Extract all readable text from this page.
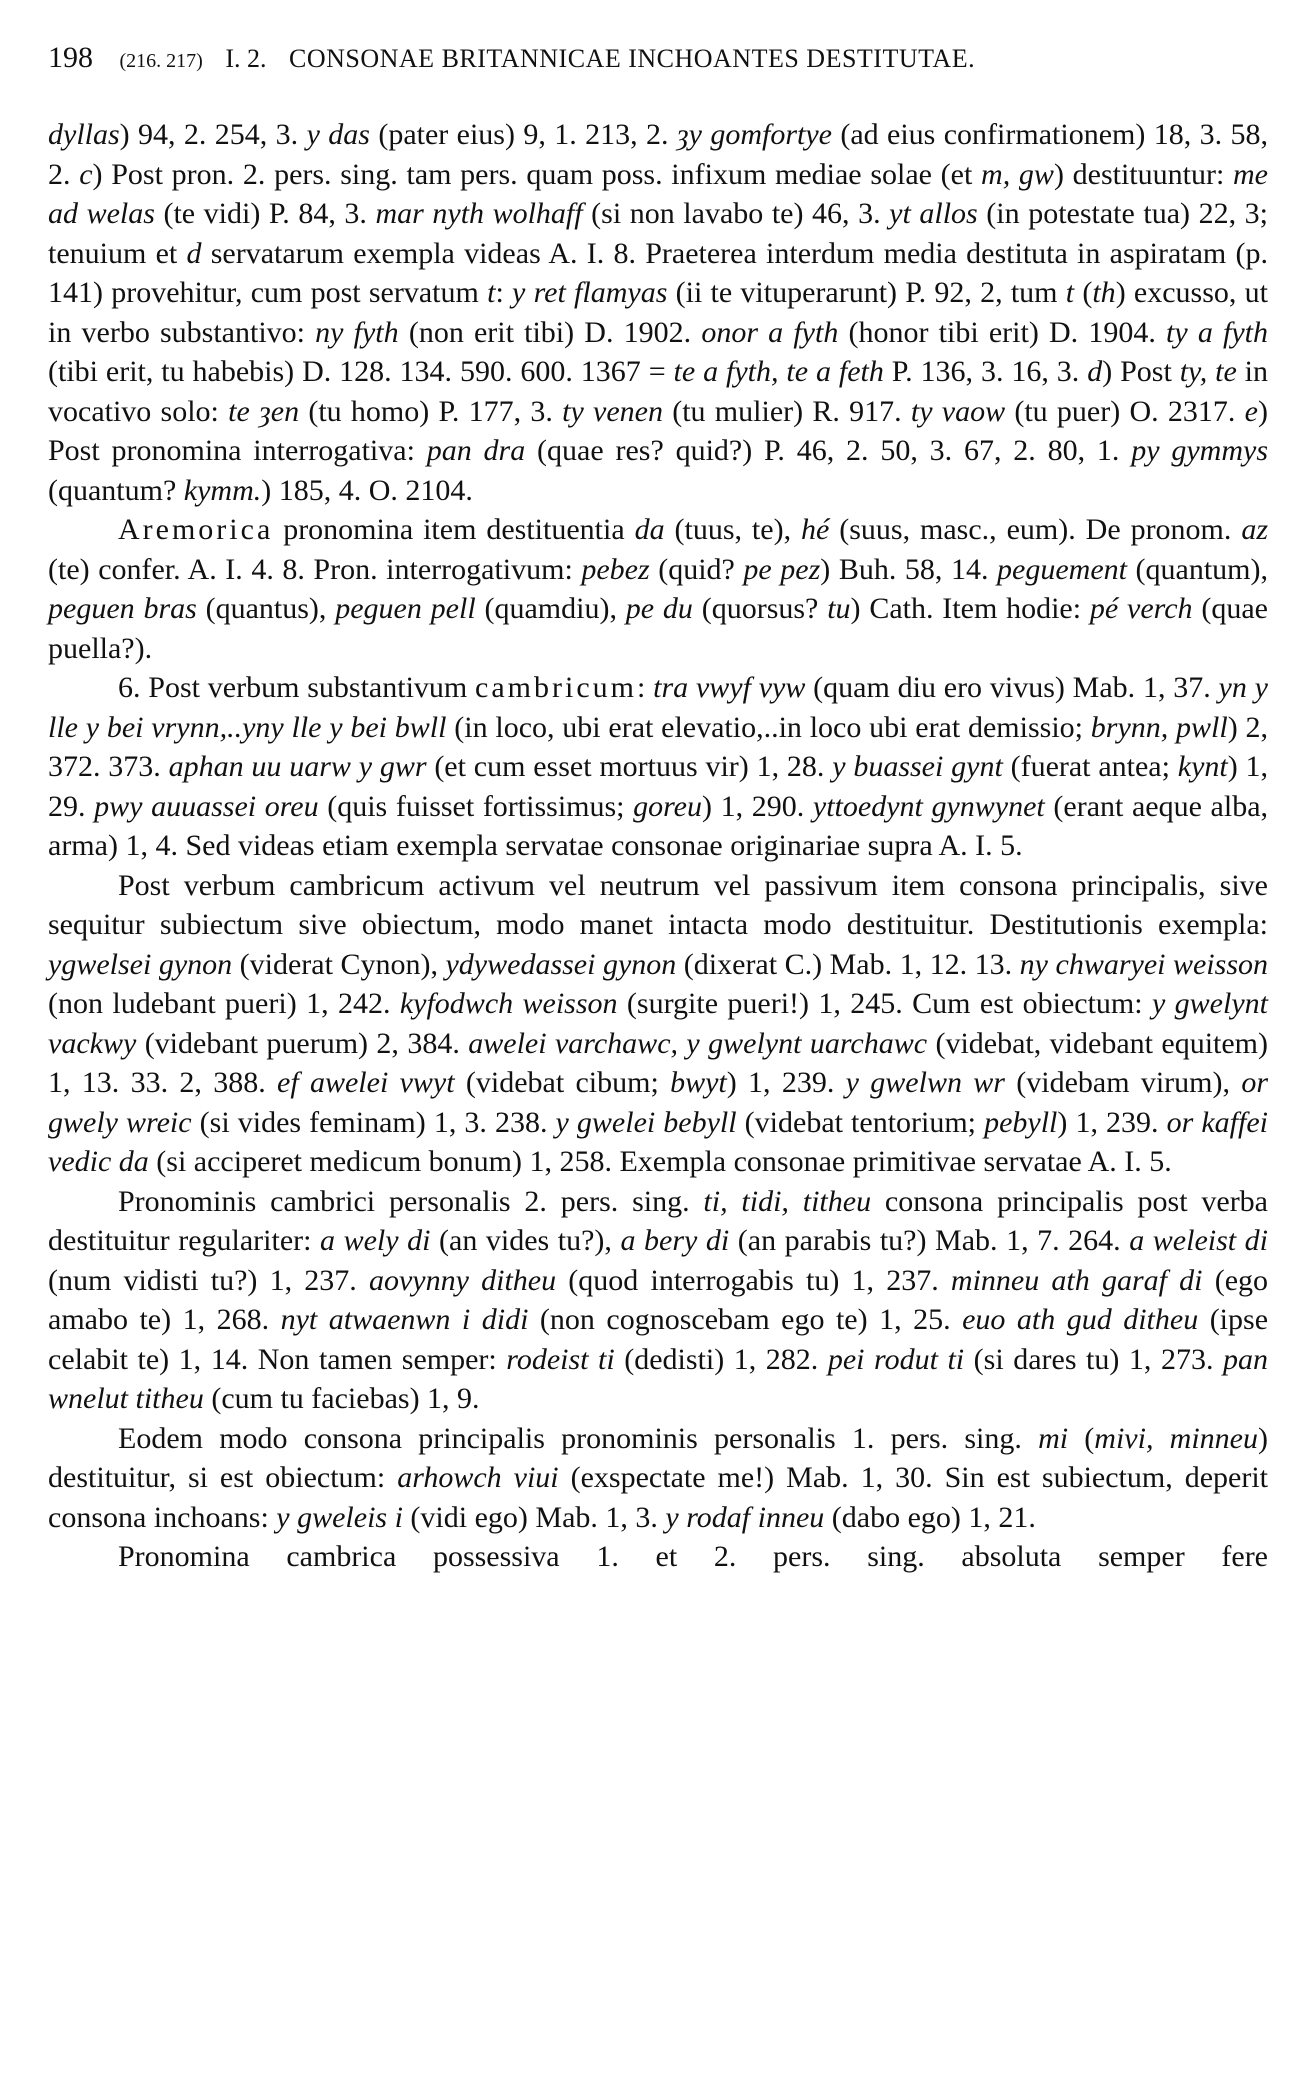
198 (216. 217) I. 2. CONSONAE BRITANNICAE INCHOANTES DESTITUTAE.

dyllas) 94, 2. 254, 3. y das (pater eius) 9, 1. 213, 2. ȝy gomfortye (ad eius confirmationem) 18, 3. 58, 2. c) Post pron. 2. pers. sing. tam pers. quam poss. infixum mediae solae (et m, gw) destituuntur: me ad welas (te vidi) P. 84, 3. mar nyth wolhaff (si non lavabo te) 46, 3. yt allos (in potestate tua) 22, 3; tenuium et d servatarum exempla videas A. I. 8. Praeterea interdum media destituta in aspiratam (p. 141) provehitur, cum post servatum t: y ret flamyas (ii te vituperarunt) P. 92, 2, tum t (th) excusso, ut in verbo substantivo: ny fyth (non erit tibi) D. 1902. onor a fyth (honor tibi erit) D. 1904. ty a fyth (tibi erit, tu habebis) D. 128. 134. 590. 600. 1367 = te a fyth, te a feth P. 136, 3. 16, 3. d) Post ty, te in vocativo solo: te ȝen (tu homo) P. 177, 3. ty venen (tu mulier) R. 917. ty vaow (tu puer) O. 2317. e) Post pronomina interrogativa: pan dra (quae res? quid?) P. 46, 2. 50, 3. 67, 2. 80, 1. py gymmys (quantum? kymm.) 185, 4. O. 2104.

Aremorica pronomina item destituentia da (tuus, te), hé (suus, masc., eum). De pronom. az (te) confer. A. I. 4. 8. Pron. interrogativum: pebez (quid? pe pez) Buh. 58, 14. peguement (quantum), peguen bras (quantus), peguen pell (quamdiu), pe du (quorsus? tu) Cath. Item hodie: pé verch (quae puella?).

6. Post verbum substantivum cambricum: tra vwyf vyw (quam diu ero vivus) Mab. 1, 37. yn y lle y bei vrynn,..yny lle y bei bwll (in loco, ubi erat elevatio,..in loco ubi erat demissio; brynn, pwll) 2, 372. 373. aphan uu uarw y gwr (et cum esset mortuus vir) 1, 28. y buassei gynt (fuerat antea; kynt) 1, 29. pwy auuassei oreu (quis fuisset fortissimus; goreu) 1, 290. yttoedynt gynwynet (erant aeque alba, arma) 1, 4. Sed videas etiam exempla servatae consonae originariae supra A. I. 5.

Post verbum cambricum activum vel neutrum vel passivum item consona principalis, sive sequitur subiectum sive obiectum, modo manet intacta modo destituitur. Destitutionis exempla: ygwelsei gynon (viderat Cynon), ydywedassei gynon (dixerat C.) Mab. 1, 12. 13. ny chwaryei weisson (non ludebant pueri) 1, 242. kyfodwch weisson (surgite pueri!) 1, 245. Cum est obiectum: y gwelynt vackwy (videbant puerum) 2, 384. awelei varchawc, y gwelynt uarchawc (videbat, videbant equitem) 1, 13. 33. 2, 388. ef awelei vwyt (videbat cibum; bwyt) 1, 239. y gwelwn wr (videbam virum), or gwely wreic (si vides feminam) 1, 3. 238. y gwelei bebyll (videbat tentorium; pebyll) 1, 239. or kaffei vedic da (si acciperet medicum bonum) 1, 258. Exempla consonae primitivae servatae A. I. 5.

Pronominis cambrici personalis 2. pers. sing. ti, tidi, titheu consona principalis post verba destituitur regulariter: a wely di (an vides tu?), a bery di (an parabis tu?) Mab. 1, 7. 264. a weleist di (num vidisti tu?) 1, 237. aovynny ditheu (quod interrogabis tu) 1, 237. minneu ath garaf di (ego amabo te) 1, 268. nyt atwaenwn i didi (non cognoscebam ego te) 1, 25. euo ath gud ditheu (ipse celabit te) 1, 14. Non tamen semper: rodeist ti (dedisti) 1, 282. pei rodut ti (si dares tu) 1, 273. pan wnelut titheu (cum tu faciebas) 1, 9.

Eodem modo consona principalis pronominis personalis 1. pers. sing. mi (mivi, minneu) destituitur, si est obiectum: arhowch viui (exspectate me!) Mab. 1, 30. Sin est subiectum, deperit consona inchoans: y gweleis i (vidi ego) Mab. 1, 3. y rodaf inneu (dabo ego) 1, 21.

Pronomina cambrica possessiva 1. et 2. pers. sing. absoluta semper fere
